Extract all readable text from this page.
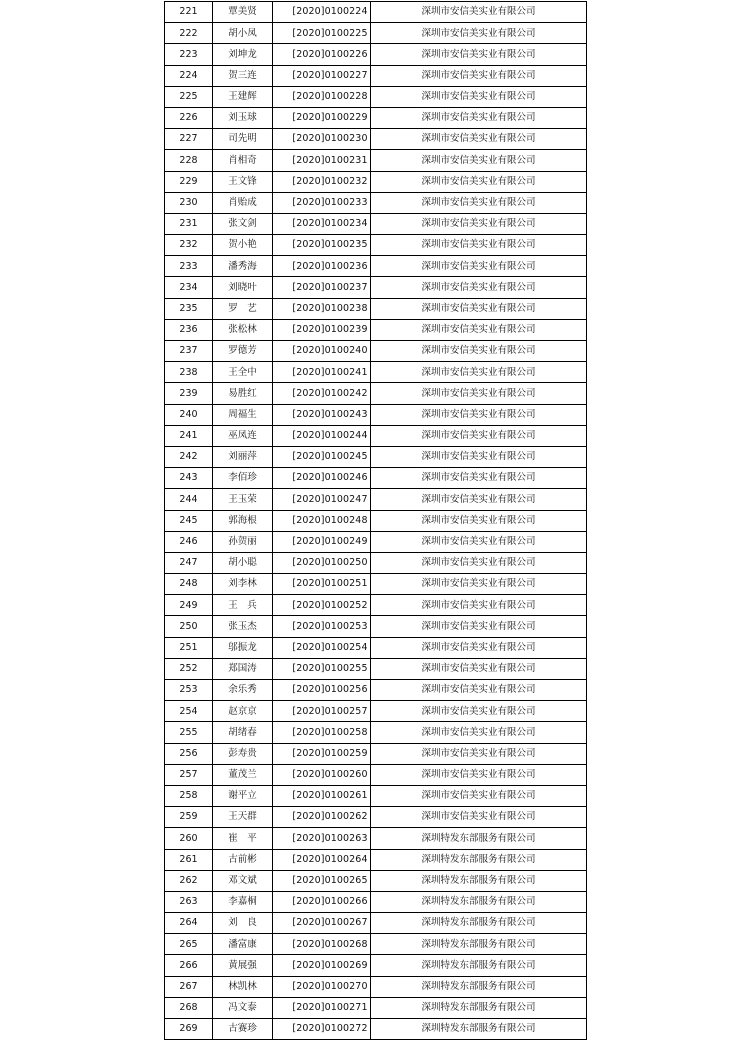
221	覃美贤	[2020]0100224	深圳市安信美实业有限公司
222	胡小凤	[2020]0100225	深圳市安信美实业有限公司
223	刘坤龙	[2020]0100226	深圳市安信美实业有限公司
224	贺三连	[2020]0100227	深圳市安信美实业有限公司
225	王建辉	[2020]0100228	深圳市安信美实业有限公司
226	刘玉球	[2020]0100229	深圳市安信美实业有限公司
227	司先明	[2020]0100230	深圳市安信美实业有限公司
228	肖相奇	[2020]0100231	深圳市安信美实业有限公司
229	王文锋	[2020]0100232	深圳市安信美实业有限公司
230	肖贻成	[2020]0100233	深圳市安信美实业有限公司
231	张文剑	[2020]0100234	深圳市安信美实业有限公司
232	贺小艳	[2020]0100235	深圳市安信美实业有限公司
233	潘秀海	[2020]0100236	深圳市安信美实业有限公司
234	刘晓叶	[2020]0100237	深圳市安信美实业有限公司
235	罗　艺	[2020]0100238	深圳市安信美实业有限公司
236	张松林	[2020]0100239	深圳市安信美实业有限公司
237	罗德芳	[2020]0100240	深圳市安信美实业有限公司
238	王全中	[2020]0100241	深圳市安信美实业有限公司
239	易胜红	[2020]0100242	深圳市安信美实业有限公司
240	周福生	[2020]0100243	深圳市安信美实业有限公司
241	巫凤连	[2020]0100244	深圳市安信美实业有限公司
242	刘丽萍	[2020]0100245	深圳市安信美实业有限公司
243	李佰珍	[2020]0100246	深圳市安信美实业有限公司
244	王玉荣	[2020]0100247	深圳市安信美实业有限公司
245	郭海根	[2020]0100248	深圳市安信美实业有限公司
246	孙贺丽	[2020]0100249	深圳市安信美实业有限公司
247	胡小聪	[2020]0100250	深圳市安信美实业有限公司
248	刘李林	[2020]0100251	深圳市安信美实业有限公司
249	王　兵	[2020]0100252	深圳市安信美实业有限公司
250	张玉杰	[2020]0100253	深圳市安信美实业有限公司
251	邬振龙	[2020]0100254	深圳市安信美实业有限公司
252	郑国涛	[2020]0100255	深圳市安信美实业有限公司
253	余乐秀	[2020]0100256	深圳市安信美实业有限公司
254	赵京京	[2020]0100257	深圳市安信美实业有限公司
255	胡绪春	[2020]0100258	深圳市安信美实业有限公司
256	彭寿贵	[2020]0100259	深圳市安信美实业有限公司
257	董茂兰	[2020]0100260	深圳市安信美实业有限公司
258	谢平立	[2020]0100261	深圳市安信美实业有限公司
259	王天群	[2020]0100262	深圳市安信美实业有限公司
260	崔　平	[2020]0100263	深圳特发东部服务有限公司
261	古前彬	[2020]0100264	深圳特发东部服务有限公司
262	邓文斌	[2020]0100265	深圳特发东部服务有限公司
263	李嘉桐	[2020]0100266	深圳特发东部服务有限公司
264	刘　良	[2020]0100267	深圳特发东部服务有限公司
265	潘富康	[2020]0100268	深圳特发东部服务有限公司
266	黄展强	[2020]0100269	深圳特发东部服务有限公司
267	林凯林	[2020]0100270	深圳特发东部服务有限公司
268	冯文泰	[2020]0100271	深圳特发东部服务有限公司
269	古赛珍	[2020]0100272	深圳特发东部服务有限公司
